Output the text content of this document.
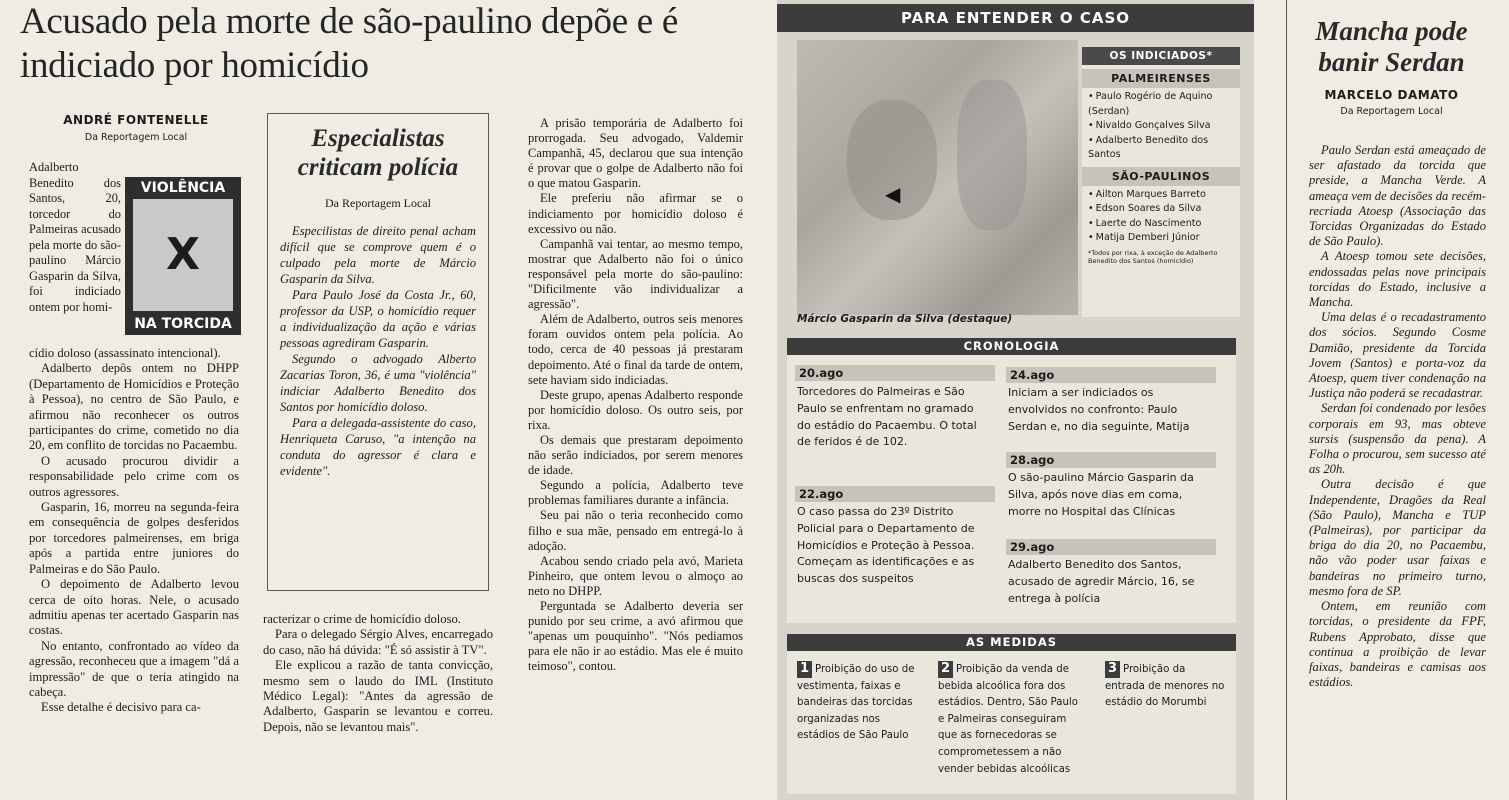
Acusado pela morte de são-paulino depõe e é indiciado por homicídio
ANDRÉ FONTENELLE
Da Reportagem Local
VIOLÊNCIA
X
NA TORCIDA
Adalberto Benedito dos Santos, 20, torcedor do Palmeiras acusado pela morte do são-paulino Márcio Gasparin da Silva, foi indiciado ontem por homi-

cídio doloso (assassinato intencional).

Adalberto depôs ontem no DHPP (Departamento de Homicídios e Proteção à Pessoa), no centro de São Paulo, e afirmou não reconhecer os outros participantes do crime, cometido no dia 20, em conflito de torcidas no Pacaembu.

O acusado procurou dividir a responsabilidade pelo crime com os outros agressores.

Gasparin, 16, morreu na segunda-feira em consequência de golpes desferidos por torcedores palmeirenses, em briga após a partida entre juniores do Palmeiras e do São Paulo.

O depoimento de Adalberto levou cerca de oito horas. Nele, o acusado admitiu apenas ter acertado Gasparin nas costas.

No entanto, confrontado ao vídeo da agressão, reconheceu que a imagem "dá a impressão" de que o teria atingido na cabeça.

Esse detalhe é decisivo para ca-

Especialistas criticam polícia
Da Reportagem Local

Especilistas de direito penal acham difícil que se comprove quem é o culpado pela morte de Márcio Gasparin da Silva.

Para Paulo José da Costa Jr., 60, professor da USP, o homicídio requer a individualização da ação e várias pessoas agrediram Gasparin.

Segundo o advogado Alberto Zacarias Toron, 36, é uma "violência" indiciar Adalberto Benedito dos Santos por homicídio doloso.

Para a delegada-assistente do caso, Henriqueta Caruso, "a intenção na conduta do agressor é clara e evidente".

racterizar o crime de homicídio doloso.

Para o delegado Sérgio Alves, encarregado do caso, não há dúvida: "É só assistir à TV".

Ele explicou a razão de tanta convicção, mesmo sem o laudo do IML (Instituto Médico Legal): "Antes da agressão de Adalberto, Gasparin se levantou e correu. Depois, não se levantou mais".

A prisão temporária de Adalberto foi prorrogada. Seu advogado, Valdemir Campanhã, 45, declarou que sua intenção é provar que o golpe de Adalberto não foi o que matou Gasparin.

Ele preferiu não afirmar se o indiciamento por homicídio doloso é excessivo ou não.

Campanhã vai tentar, ao mesmo tempo, mostrar que Adalberto não foi o único responsável pela morte do são-paulino: "Dificilmente vão individualizar a agressão".

Além de Adalberto, outros seis menores foram ouvidos ontem pela polícia. Ao todo, cerca de 40 pessoas já prestaram depoimento. Até o final da tarde de ontem, sete haviam sido indiciadas.

Deste grupo, apenas Adalberto responde por homicídio doloso. Os outro seis, por rixa.

Os demais que prestaram depoimento não serão indiciados, por serem menores de idade.

Segundo a polícia, Adalberto teve problemas familiares durante a infância.

Seu pai não o teria reconhecido como filho e sua mãe, pensado em entregá-lo à adoção.

Acabou sendo criado pela avó, Marieta Pinheiro, que ontem levou o almoço ao neto no DHPP.

Perguntada se Adalberto deveria ser punido por seu crime, a avó afirmou que "apenas um pouquinho". "Nós pediamos para ele não ir ao estádio. Mas ele é muito teimoso", contou.

PARA ENTENDER O CASO
◀
Márcio Gasparin da Silva (destaque)
OS INDICIADOS*
PALMEIRENSES
• Paulo Rogério de Aquino (Serdan)
• Nivaldo Gonçalves Silva
• Adalberto Benedito dos Santos
SÃO-PAULINOS
• Ailton Marques Barreto
• Edson Soares da Silva
• Laerte do Nascimento
• Matija Demberi Júnior
*Todos por rixa, à exceção de Adalberto Benedito dos Santos (homicídio)
CRONOLOGIA
20.ago
Torcedores do Palmeiras e São Paulo se enfrentam no gramado do estádio do Pacaembu. O total de feridos é de 102.
22.ago
O caso passa do 23º Distrito Policial para o Departamento de Homicídios e Proteção à Pessoa. Começam as identificações e as buscas dos suspeitos
24.ago
Iniciam a ser indiciados os envolvidos no confronto: Paulo Serdan e, no dia seguinte, Matija
28.ago
O são-paulino Márcio Gasparin da Silva, após nove dias em coma, morre no Hospital das Clínicas
29.ago
Adalberto Benedito dos Santos, acusado de agredir Márcio, 16, se entrega à polícia
AS MEDIDAS
1 Proibição do uso de vestimenta, faixas e bandeiras das torcidas organizadas nos estádios de São Paulo
2 Proibição da venda de bebida alcoólica fora dos estádios. Dentro, São Paulo e Palmeiras conseguiram que as fornecedoras se comprometessem a não vender bebidas alcoólicas
3 Proibição da entrada de menores no estádio do Morumbi
Mancha pode banir Serdan
MARCELO DAMATO
Da Reportagem Local

Paulo Serdan está ameaçado de ser afastado da torcida que preside, a Mancha Verde. A ameaça vem de decisões da recém-recriada Atoesp (Associação das Torcidas Organizadas do Estado de São Paulo).

A Atoesp tomou sete decisões, endossadas pelas nove principais torcidas do Estado, inclusive a Mancha.

Uma delas é o recadastramento dos sócios. Segundo Cosme Damião, presidente da Torcida Jovem (Santos) e porta-voz da Atoesp, quem tiver condenação na Justiça não poderá se recadastrar.

Serdan foi condenado por lesões corporais em 93, mas obteve sursis (suspensão da pena). A Folha o procurou, sem sucesso até as 20h.

Outra decisão é que Independente, Dragões da Real (São Paulo), Mancha e TUP (Palmeiras), por participar da briga do dia 20, no Pacaembu, não vão poder usar faixas e bandeiras no primeiro turno, mesmo fora de SP.

Ontem, em reunião com torcidas, o presidente da FPF, Rubens Approbato, disse que continua a proibição de levar faixas, bandeiras e camisas aos estádios.
